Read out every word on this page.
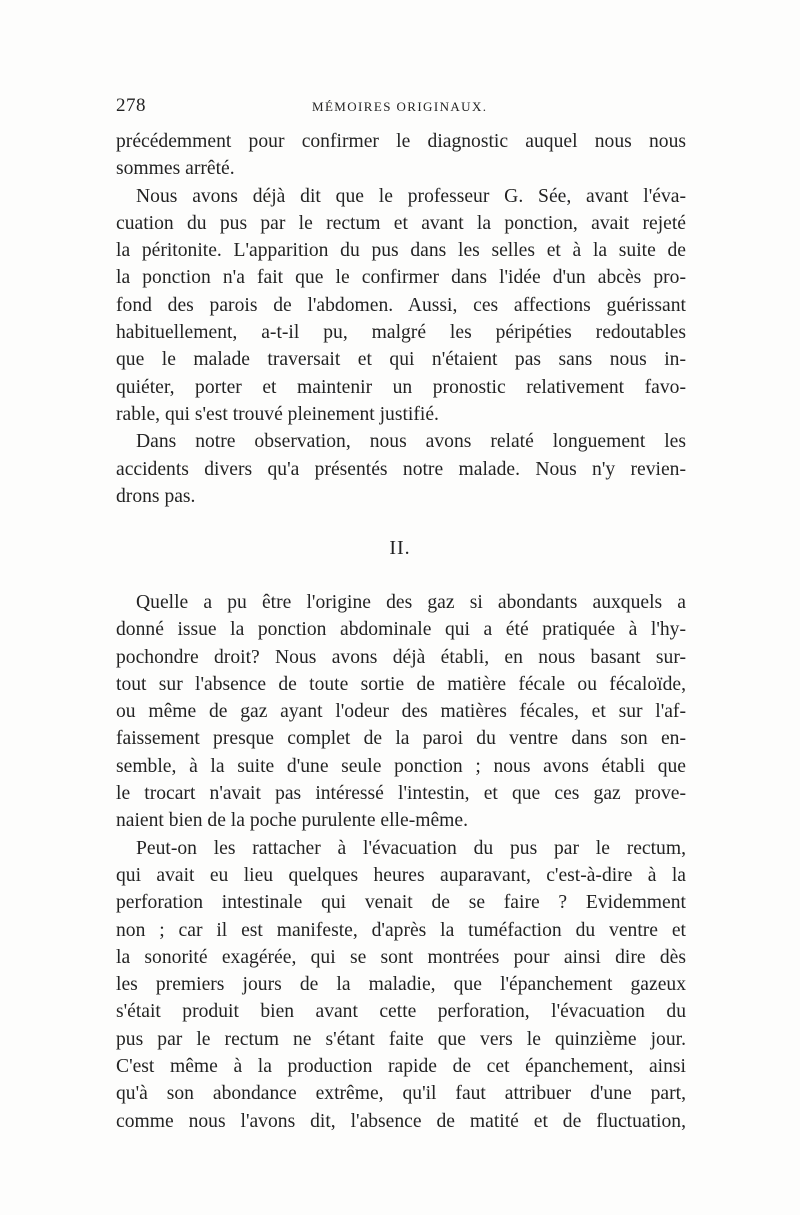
278	MÉMOIRES ORIGINAUX.
précédemment pour confirmer le diagnostic auquel nous nous
sommes arrêté.
Nous avons déjà dit que le professeur G. Sée, avant l'éva-
cuation du pus par le rectum et avant la ponction, avait rejeté
la péritonite. L'apparition du pus dans les selles et à la suite de
la ponction n'a fait que le confirmer dans l'idée d'un abcès pro-
fond des parois de l'abdomen. Aussi, ces affections guérissant
habituellement, a-t-il pu, malgré les péripéties redoutables
que le malade traversait et qui n'étaient pas sans nous in-
quiéter, porter et maintenir un pronostic relativement favo-
rable, qui s'est trouvé pleinement justifié.
Dans notre observation, nous avons relaté longuement les
accidents divers qu'a présentés notre malade. Nous n'y revien-
drons pas.
II.
Quelle a pu être l'origine des gaz si abondants auxquels a
donné issue la ponction abdominale qui a été pratiquée à l'hy-
pochondre droit? Nous avons déjà établi, en nous basant sur-
tout sur l'absence de toute sortie de matière fécale ou fécaloïde,
ou même de gaz ayant l'odeur des matières fécales, et sur l'af-
faissement presque complet de la paroi du ventre dans son en-
semble, à la suite d'une seule ponction ; nous avons établi que
le trocart n'avait pas intéressé l'intestin, et que ces gaz prove-
naient bien de la poche purulente elle-même.
Peut-on les rattacher à l'évacuation du pus par le rectum,
qui avait eu lieu quelques heures auparavant, c'est-à-dire à la
perforation intestinale qui venait de se faire ? Evidemment
non ; car il est manifeste, d'après la tuméfaction du ventre et
la sonorité exagérée, qui se sont montrées pour ainsi dire dès
les premiers jours de la maladie, que l'épanchement gazeux
s'était produit bien avant cette perforation, l'évacuation du
pus par le rectum ne s'étant faite que vers le quinzième jour.
C'est même à la production rapide de cet épanchement, ainsi
qu'à son abondance extrême, qu'il faut attribuer d'une part,
comme nous l'avons dit, l'absence de matité et de fluctuation,
